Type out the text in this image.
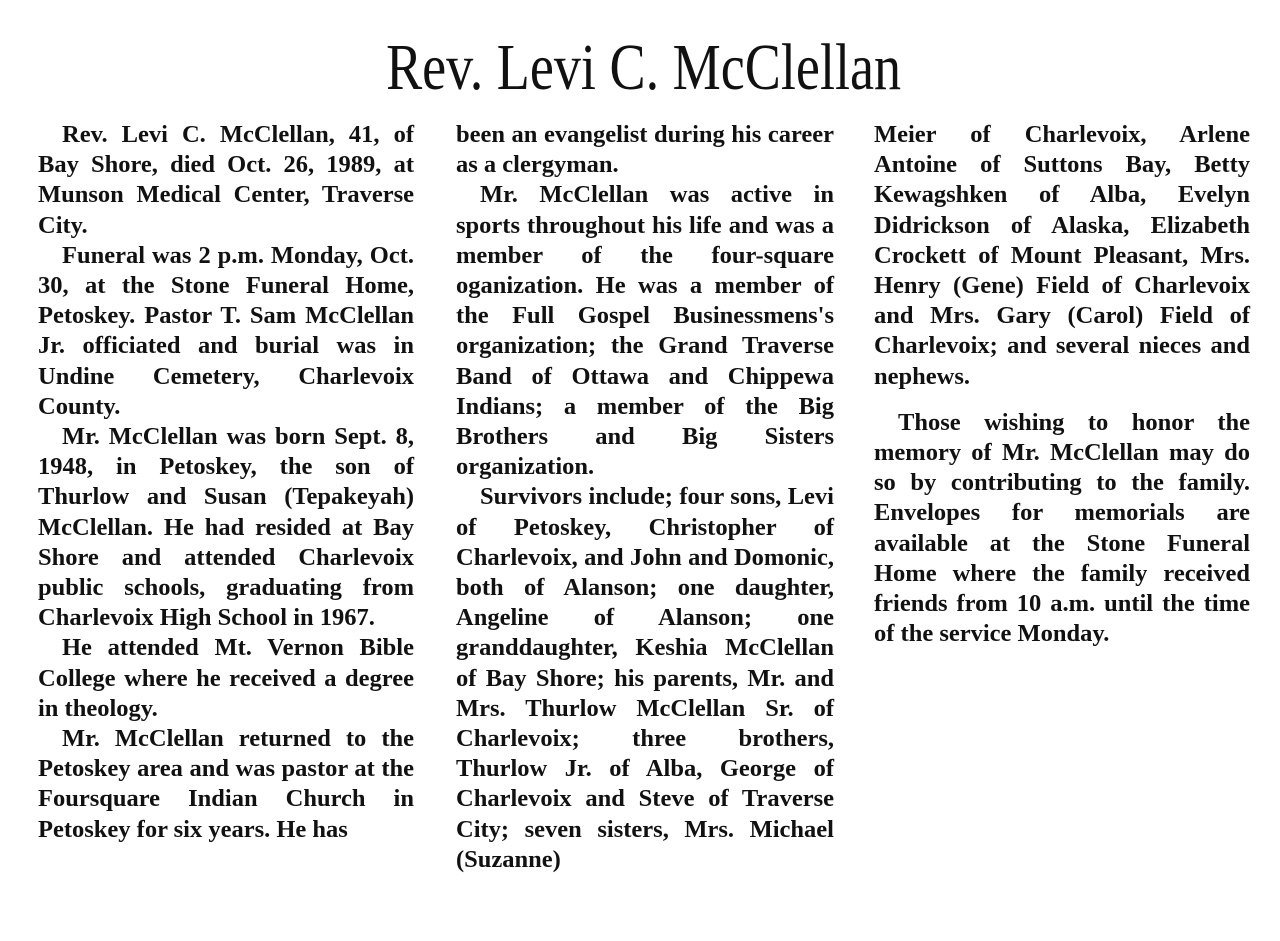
Rev. Levi C. McClellan

Rev. Levi C. McClellan, 41, of Bay Shore, died Oct. 26, 1989, at Munson Medical Center, Traverse City.

Funeral was 2 p.m. Monday, Oct. 30, at the Stone Funeral Home, Petoskey. Pastor T. Sam McClellan Jr. officiated and burial was in Undine Cemetery, Charlevoix County.

Mr. McClellan was born Sept. 8, 1948, in Petoskey, the son of Thurlow and Susan (Tepakeyah) McClellan. He had resided at Bay Shore and attended Charlevoix public schools, graduating from Charlevoix High School in 1967.

He attended Mt. Vernon Bible College where he received a degree in theology.

Mr. McClellan returned to the Petoskey area and was pastor at the Foursquare Indian Church in Petoskey for six years. He has

been an evangelist during his career as a clergyman.

Mr. McClellan was active in sports throughout his life and was a member of the four-square oganization. He was a member of the Full Gospel Businessmens's organization; the Grand Traverse Band of Ottawa and Chippewa Indians; a member of the Big Brothers and Big Sisters organization.

Survivors include; four sons, Levi of Petoskey, Christopher of Charlevoix, and John and Domonic, both of Alanson; one daughter, Angeline of Alanson; one granddaughter, Keshia McClellan of Bay Shore; his parents, Mr. and Mrs. Thurlow McClellan Sr. of Charlevoix; three brothers, Thurlow Jr. of Alba, George of Charlevoix and Steve of Traverse City; seven sisters, Mrs. Michael (Suzanne)

Meier of Charlevoix, Arlene Antoine of Suttons Bay, Betty Kewagshken of Alba, Evelyn Didrickson of Alaska, Elizabeth Crockett of Mount Pleasant, Mrs. Henry (Gene) Field of Charlevoix and Mrs. Gary (Carol) Field of Charlevoix; and several nieces and nephews.

Those wishing to honor the memory of Mr. McClellan may do so by contributing to the family. Envelopes for memorials are available at the Stone Funeral Home where the family received friends from 10 a.m. until the time of the service Monday.
